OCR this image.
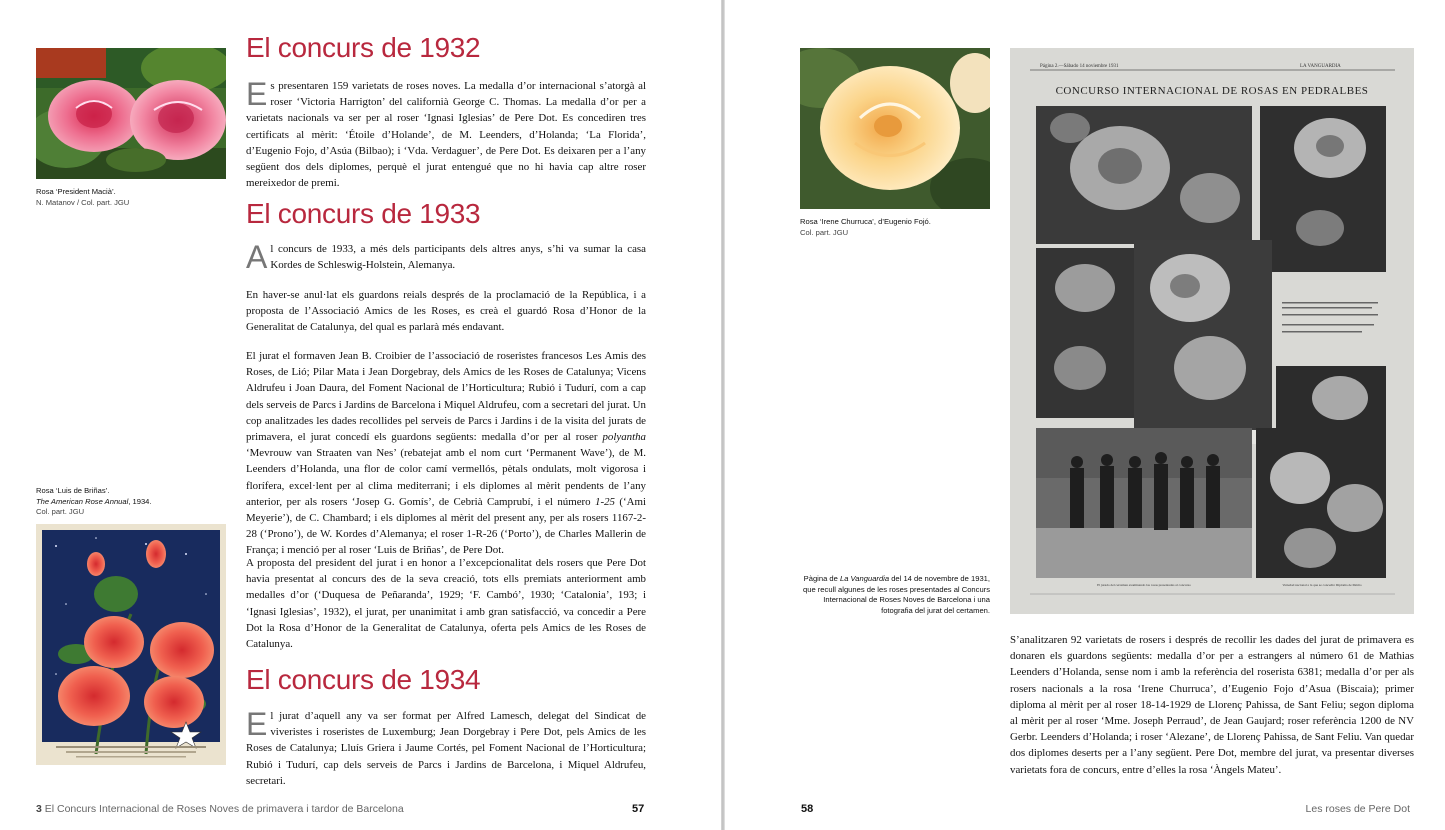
Rosa ‘President Macià’.
N. Matanov / Col. part. JGU
Rosa ‘Luis de Briñas’.
The American Rose Annual, 1934.
Col. part. JGU
El concurs de 1932

Es presentaren 159 varietats de roses noves. La medalla d’or internacional s’atorgà al roser ‘Victoria Harrigton’ del californià George C. Thomas. La medalla d’or per a varietats nacionals va ser per al roser ‘Ignasi Iglesias’ de Pere Dot. Es concediren tres certificats al mèrit: ‘Étoile d’Holande’, de M. Leenders, d’Holanda; ‘La Florida’, d’Eugenio Fojo, d’Asúa (Bilbao); i ‘Vda. Verdaguer’, de Pere Dot. Es deixaren per a l’any següent dos dels diplomes, perquè el jurat entengué que no hi havia cap altre roser mereixedor de premi.

El concurs de 1933

Al concurs de 1933, a més dels participants dels altres anys, s’hi va sumar la casa Kordes de Schleswig-Holstein, Alemanya.

En haver-se anul·lat els guardons reials després de la proclamació de la República, i a proposta de l’Associació Amics de les Roses, es creà el guardó Rosa d’Honor de la Generalitat de Catalunya, del qual es parlarà més endavant.

El jurat el formaven Jean B. Croibier de l’associació de roseristes francesos Les Amis des Roses, de Lió; Pilar Mata i Jean Dorgebray, dels Amics de les Roses de Catalunya; Vicens Aldrufeu i Joan Daura, del Foment Nacional de l’Horticultura; Rubió i Tudurí, com a cap dels serveis de Parcs i Jardins de Barcelona i Miquel Aldrufeu, com a secretari del jurat. Un cop analitzades les dades recollides pel serveis de Parcs i Jardins i de la visita del jurats de primavera, el jurat concedí els guardons següents: medalla d’or per al roser polyantha ‘Mevrouw van Straaten van Nes’ (rebatejat amb el nom curt ‘Permanent Wave’), de M. Leenders d’Holanda, una flor de color camí vermellós, pètals ondulats, molt vigorosa i florífera, excel·lent per al clima mediterrani; i els diplomes al mèrit pendents de l’any anterior, per als rosers ‘Josep G. Gomís’, de Cebrià Camprubí, i el número 1-25 (‘Ami Meyerie’), de C. Chambard; i els diplomes al mèrit del present any, per als rosers 1167-2-28 (‘Prono’), de W. Kordes d’Alemanya; el roser 1-R-26 (‘Porto’), de Charles Mallerin de França; i menció per al roser ‘Luis de Briñas’, de Pere Dot.

A proposta del president del jurat i en honor a l’excepcionalitat dels rosers que Pere Dot havia presentat al concurs des de la seva creació, tots ells premiats anteriorment amb medalles d’or (‘Duquesa de Peñaranda’, 1929; ‘F. Cambó’, 1930; ‘Catalonia’, 193; i ‘Ignasi Iglesias’, 1932), el jurat, per unanimitat i amb gran satisfacció, va concedir a Pere Dot la Rosa d’Honor de la Generalitat de Catalunya, oferta pels Amics de les Roses de Catalunya.

El concurs de 1934

El jurat d’aquell any va ser format per Alfred Lamesch, delegat del Sindicat de viveristes i roseristes de Luxemburg; Jean Dorgebray i Pere Dot, pels Amics de les Roses de Catalunya; Lluís Griera i Jaume Cortés, pel Foment Nacional de l’Horticultura; Rubió i Tudurí, cap dels serveis de Parcs i Jardins de Barcelona, i Miquel Aldrufeu, secretari.

3 El Concurs Internacional de Roses Noves de primavera i tardor de Barcelona	57
Rosa ‘Irene Churruca’, d’Eugenio Fojó.
Col. part. JGU
Página 2.—Sábado 14 noviembre 1931	LA VANGUARDIA
CONCURSO INTERNACIONAL DE ROSAS EN PEDRALBES
Variedad nacional a la que se concedió Diploma de Mérito
El jurado del certamen examinando las rosas presentadas al concurso
Pàgina de La Vanguardia del 14 de novembre de 1931, que recull algunes de les roses presentades al Concurs Internacional de Roses Noves de Barcelona i una fotografia del jurat del certamen.

S’analitzaren 92 varietats de rosers i després de recollir les dades del jurat de primavera es donaren els guardons següents: medalla d’or per a estrangers al número 61 de Mathias Leenders d’Holanda, sense nom i amb la referència del roserista 6381; medalla d’or per als rosers nacionals a la rosa ‘Irene Churruca’, d’Eugenio Fojo d’Asua (Biscaia); primer diploma al mèrit per al roser 18-14-1929 de Llorenç Pahissa, de Sant Feliu; segon diploma al mèrit per al roser ‘Mme. Joseph Perraud’, de Jean Gaujard; roser referència 1200 de NV Gerbr. Leenders d’Holanda; i roser ‘Alezane’, de Llorenç Pahissa, de Sant Feliu. Van quedar dos diplomes deserts per a l’any següent. Pere Dot, membre del jurat, va presentar diverses varietats fora de concurs, entre d’elles la rosa ‘Àngels Mateu’.

58	Les roses de Pere Dot
